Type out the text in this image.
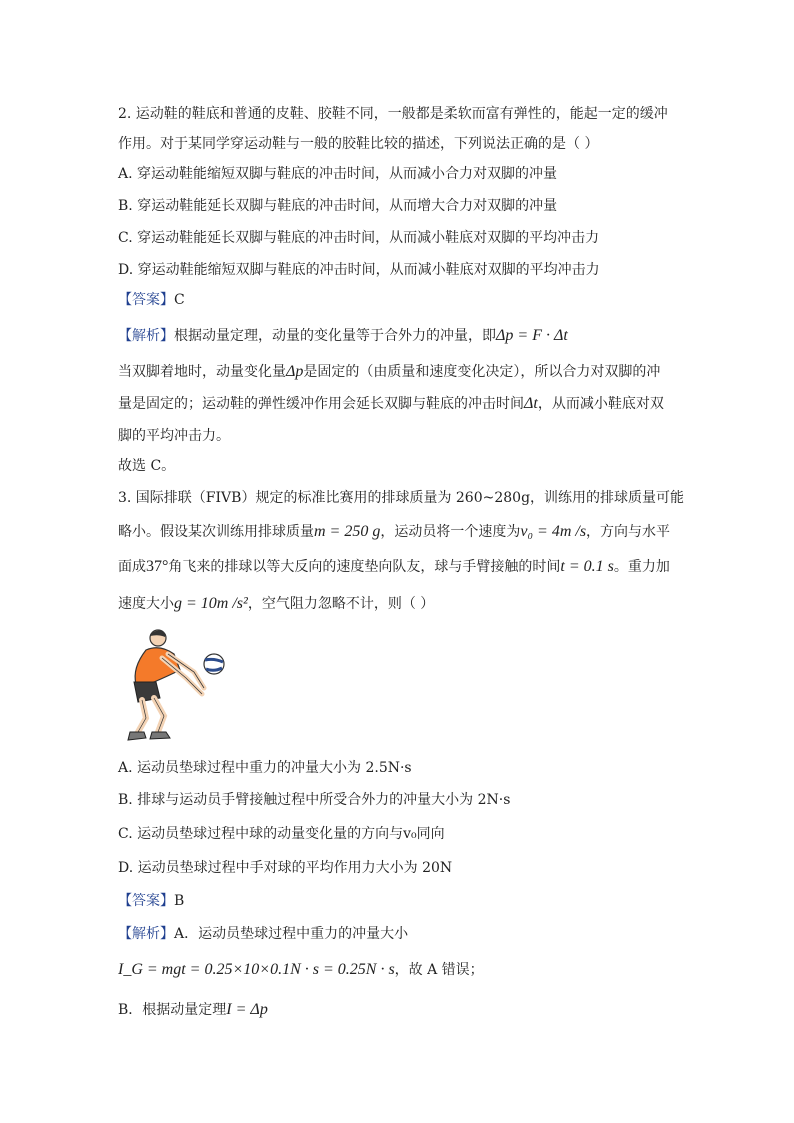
2. 运动鞋的鞋底和普通的皮鞋、胶鞋不同，一般都是柔软而富有弹性的，能起一定的缓冲
作用。对于某同学穿运动鞋与一般的胶鞋比较的描述，下列说法正确的是（ ）
A. 穿运动鞋能缩短双脚与鞋底的冲击时间，从而减小合力对双脚的冲量
B. 穿运动鞋能延长双脚与鞋底的冲击时间，从而增大合力对双脚的冲量
C. 穿运动鞋能延长双脚与鞋底的冲击时间，从而减小鞋底对双脚的平均冲击力
D. 穿运动鞋能缩短双脚与鞋底的冲击时间，从而减小鞋底对双脚的平均冲击力
【答案】C
【解析】根据动量定理，动量的变化量等于合外力的冲量，即Δp = F · Δt
当双脚着地时，动量变化量Δp是固定的（由质量和速度变化决定），所以合力对双脚的冲
量是固定的；运动鞋的弹性缓冲作用会延长双脚与鞋底的冲击时间Δt，从而减小鞋底对双
脚的平均冲击力。
故选 C。
3. 国际排联（FIVB）规定的标准比赛用的排球质量为 260~280g，训练用的排球质量可能
略小。假设某次训练用排球质量m = 250 g，运动员将一个速度为v₀ = 4m /s，方向与水平
面成37°角飞来的排球以等大反向的速度垫向队友，球与手臂接触的时间t = 0.1 s。重力加
速度大小g = 10m /s²，空气阻力忽略不计，则（ ）
A. 运动员垫球过程中重力的冲量大小为 2.5N·s
B. 排球与运动员手臂接触过程中所受合外力的冲量大小为 2N·s
C. 运动员垫球过程中球的动量变化量的方向与v₀同向
D. 运动员垫球过程中手对球的平均作用力大小为 20N
【答案】B
【解析】A．运动员垫球过程中重力的冲量大小
I_G = mgt = 0.25×10×0.1N · s = 0.25N · s，故 A 错误；
B．根据动量定理I = Δp
